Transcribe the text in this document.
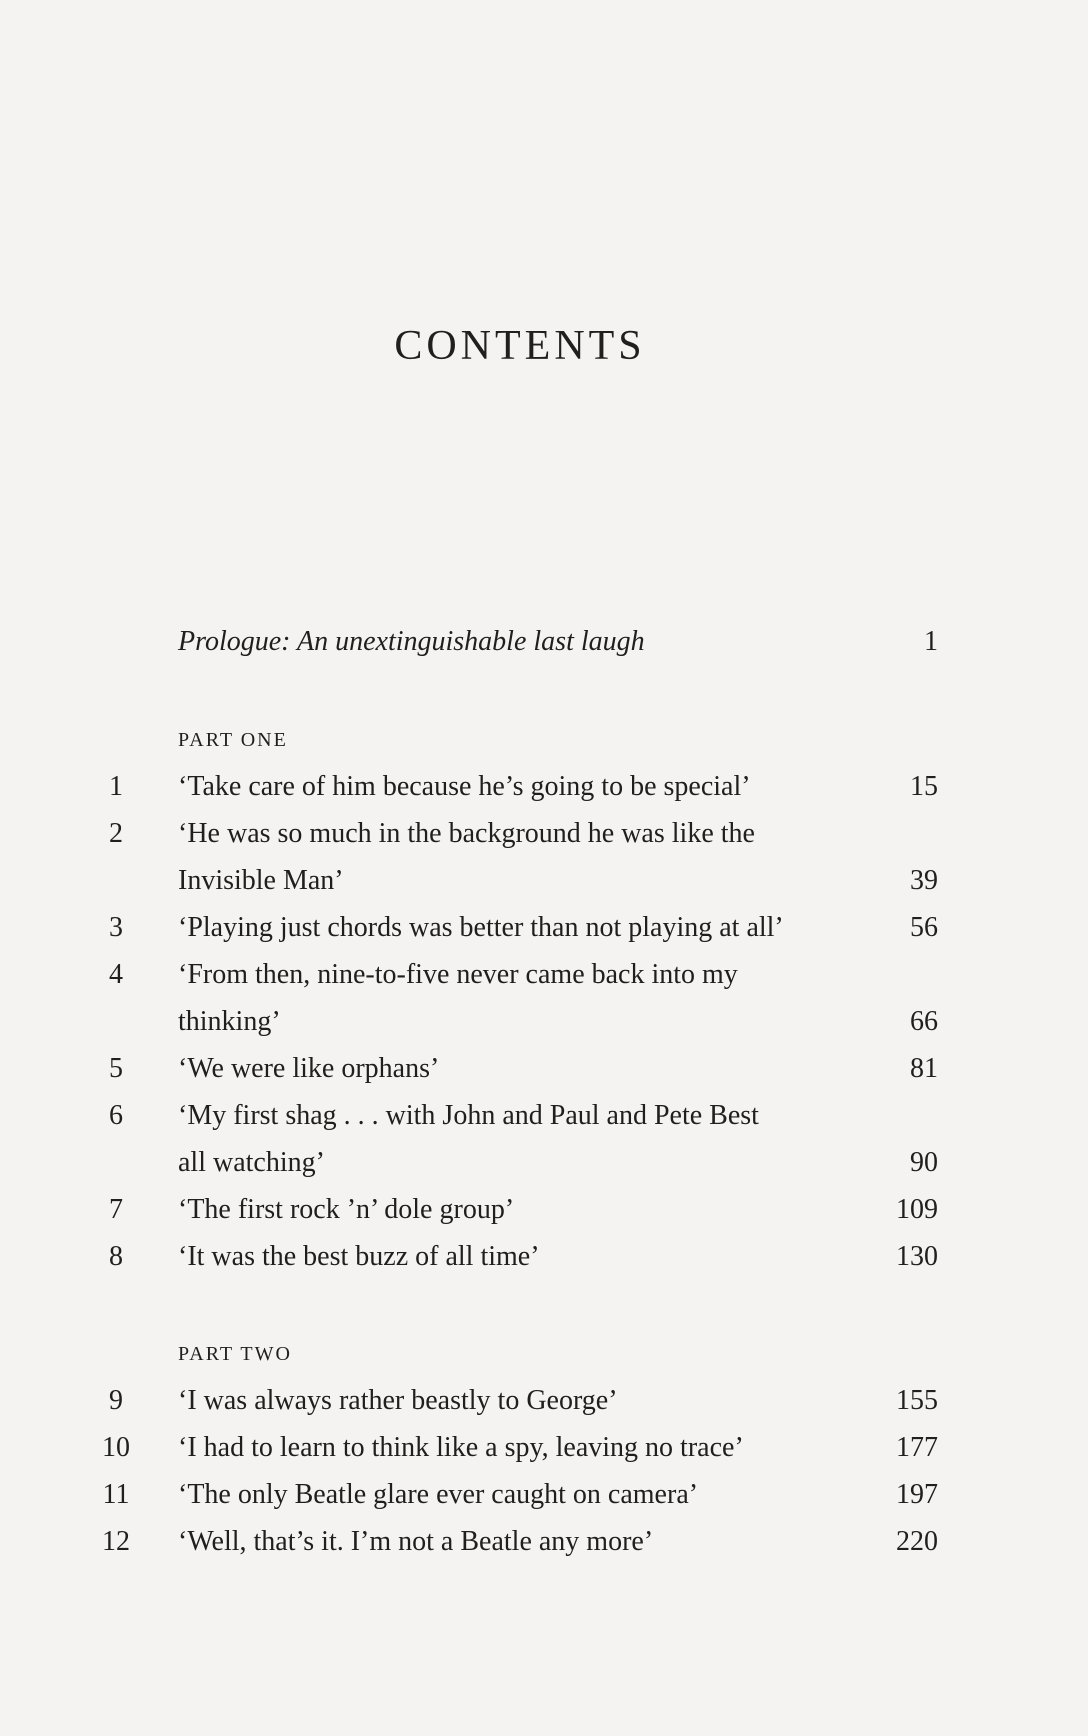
CONTENTS
Prologue: An unextinguishable last laugh	1
PART ONE
1	‘Take care of him because he’s going to be special’	15
2	‘He was so much in the background he was like the
Invisible Man’	39
3	‘Playing just chords was better than not playing at all’	56
4	‘From then, nine-to-five never came back into my
thinking’	66
5	‘We were like orphans’	81
6	‘My first shag . . . with John and Paul and Pete Best
all watching’	90
7	‘The first rock ’n’ dole group’	109
8	‘It was the best buzz of all time’	130
PART TWO
9	‘I was always rather beastly to George’	155
10 ‘I had to learn to think like a spy, leaving no trace’	177
11 ‘The only Beatle glare ever caught on camera’	197
12 ‘Well, that’s it. I’m not a Beatle any more’	220
